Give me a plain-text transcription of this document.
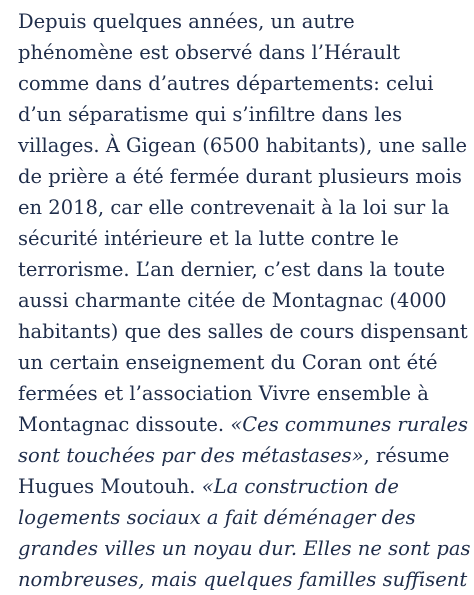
Depuis quelques années, un autre
phénomène est observé dans l’Hérault
comme dans d’autres départements: celui
d’un séparatisme qui s’infiltre dans les
villages. À Gigean (6500 habitants), une salle
de prière a été fermée durant plusieurs mois
en 2018, car elle contrevenait à la loi sur la
sécurité intérieure et la lutte contre le
terrorisme. L’an dernier, c’est dans la toute
aussi charmante citée de Montagnac (4000
habitants) que des salles de cours dispensant
un certain enseignement du Coran ont été
fermées et l’association Vivre ensemble à
Montagnac dissoute. «Ces communes rurales
sont touchées par des métastases», résume
Hugues Moutouh. «La construction de
logements sociaux a fait déménager des
grandes villes un noyau dur. Elles ne sont pas
nombreuses, mais quelques familles suffisent
